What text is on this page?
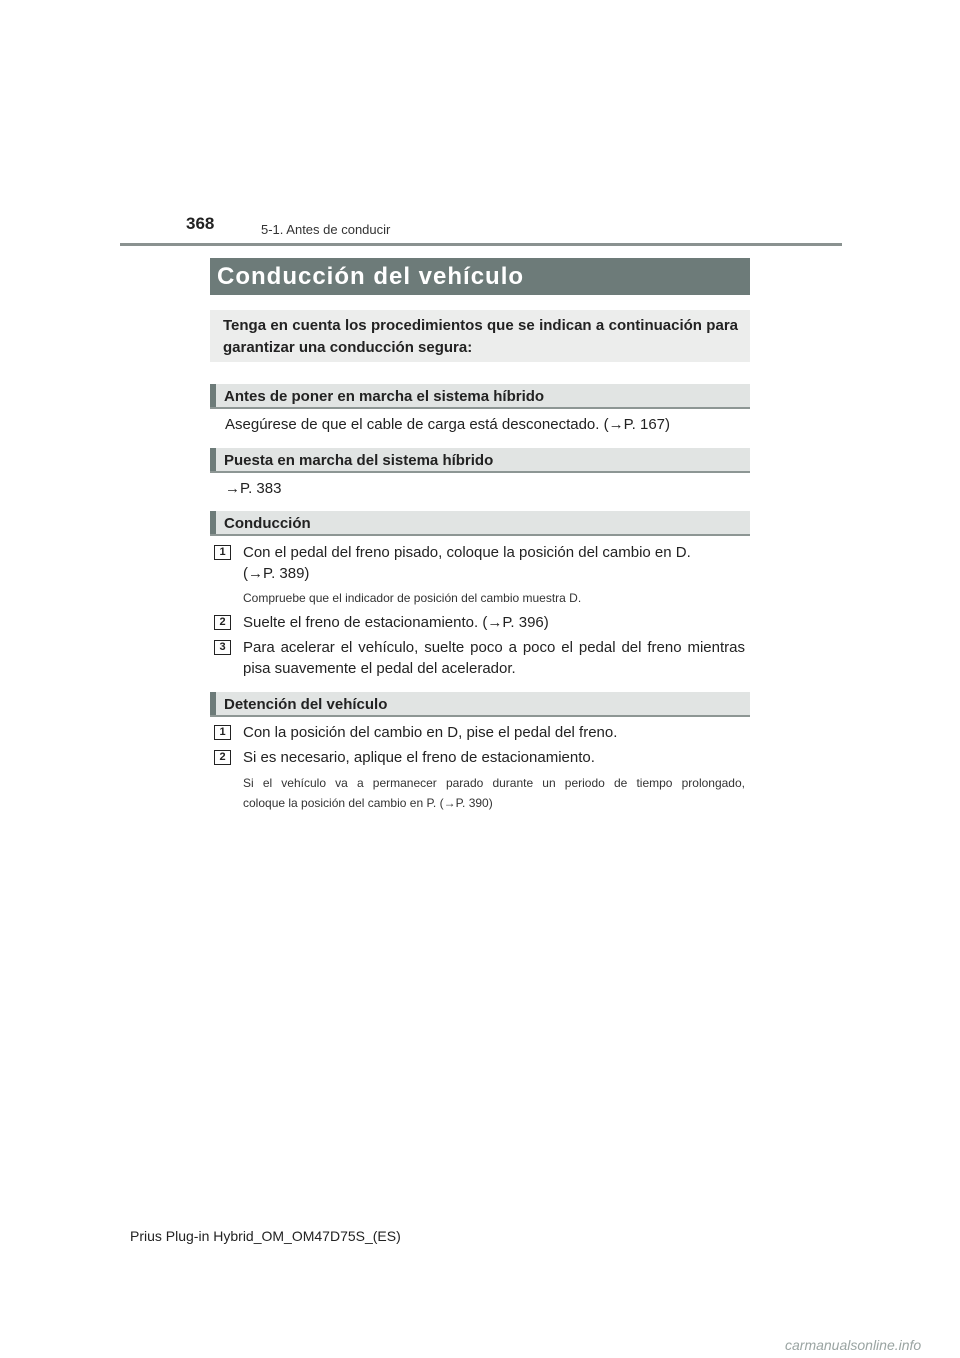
368	5-1. Antes de conducir
Conducción del vehículo
Tenga en cuenta los procedimientos que se indican a continuación para garantizar una conducción segura:
Antes de poner en marcha el sistema híbrido
Asegúrese de que el cable de carga está desconectado. (→P. 167)
Puesta en marcha del sistema híbrido
→P. 383
Conducción
1	Con el pedal del freno pisado, coloque la posición del cambio en D.
(→P. 389)
Compruebe que el indicador de posición del cambio muestra D.
2	Suelte el freno de estacionamiento. (→P. 396)
3	Para acelerar el vehículo, suelte poco a poco el pedal del freno mientras
pisa suavemente el pedal del acelerador.
Detención del vehículo
1	Con la posición del cambio en D, pise el pedal del freno.
2	Si es necesario, aplique el freno de estacionamiento.
Si el vehículo va a permanecer parado durante un periodo de tiempo prolongado,
coloque la posición del cambio en P. (→P. 390)
Prius Plug-in Hybrid_OM_OM47D75S_(ES)
carmanualsonline.info
